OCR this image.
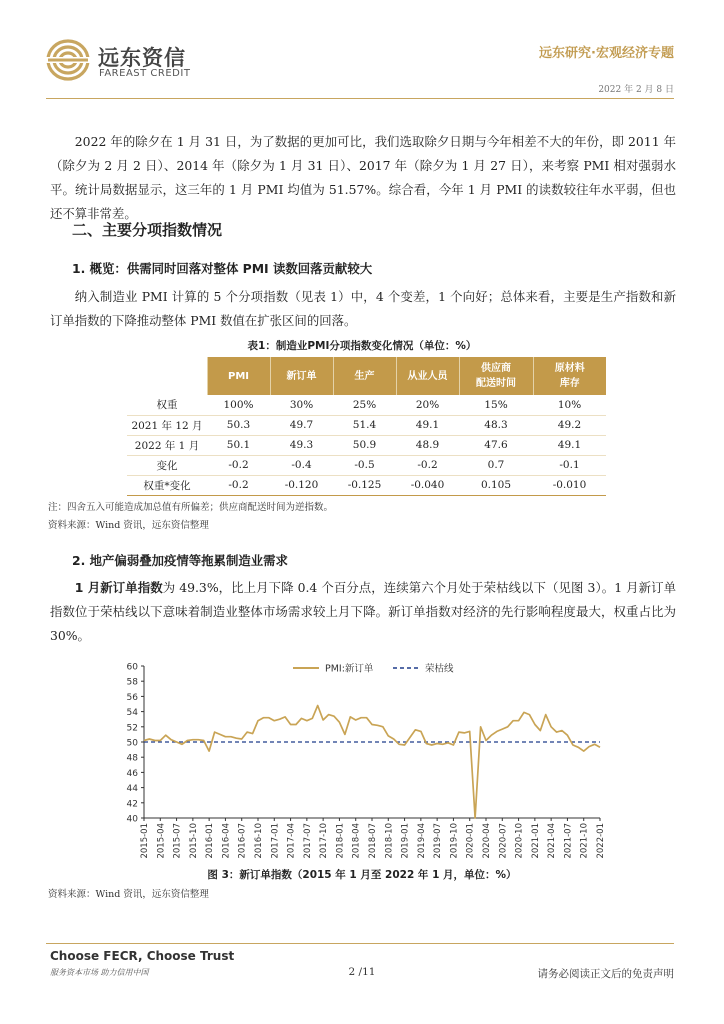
远东资信
FAREAST CREDIT
远东研究·宏观经济专题
2022 年 2 月 8 日

2022 年的除夕在 1 月 31 日，为了数据的更加可比，我们选取除夕日期与今年相差不大的年份，即 2011 年（除夕为 2 月 2 日）、2014 年（除夕为 1 月 31 日）、2017 年（除夕为 1 月 27 日），来考察 PMI 相对强弱水平。统计局数据显示，这三年的 1 月 PMI 均值为 51.57%。综合看，今年 1 月 PMI 的读数较往年水平弱，但也还不算非常差。

二、主要分项指数情况
1. 概览：供需同时回落对整体 PMI 读数回落贡献较大

纳入制造业 PMI 计算的 5 个分项指数（见表 1）中，4 个变差，1 个向好；总体来看，主要是生产指数和新订单指数的下降推动整体 PMI 数值在扩张区间的回落。

表1：制造业PMI分项指数变化情况（单位：%）
	PMI	新订单	生产	从业人员	供应商
配送时间	原材料
库存
权重	100%	30%	25%	20%	15%	10%
2021 年 12 月	50.3	49.7	51.4	49.1	48.3	49.2
2022 年 1 月	50.1	49.3	50.9	48.9	47.6	49.1
变化	-0.2	-0.4	-0.5	-0.2	0.7	-0.1
权重*变化	-0.2	-0.120	-0.125	-0.040	0.105	-0.010
注：四舍五入可能造成加总值有所偏差；供应商配送时间为逆指数。
资料来源：Wind 资讯，远东资信整理
2. 地产偏弱叠加疫情等拖累制造业需求

1 月新订单指数为 49.3%，比上月下降 0.4 个百分点，连续第六个月处于荣枯线以下（见图 3）。1 月新订单指数位于荣枯线以下意味着制造业整体市场需求较上月下降。新订单指数对经济的先行影响程度最大，权重占比为 30%。

40
42
44
46
48
50
52
54
56
58
60
2015-01 2015-04 2015-07 2015-10 2016-01 2016-04 2016-07 2016-10 2017-01 2017-04 2017-07 2017-10 2018-01 2018-04 2018-07 2018-10 2019-01 2019-04 2019-07 2019-10 2020-01 2020-04 2020-07 2020-10 2021-01 2021-04 2021-07 2021-10 2022-01
PMI:新订单	荣枯线
图 3：新订单指数（2015 年 1 月至 2022 年 1 月，单位：%）
资料来源：Wind 资讯，远东资信整理
Choose FECR, Choose Trust
服务资本市场 助力信用中国	2 /11	请务必阅读正文后的免责声明
